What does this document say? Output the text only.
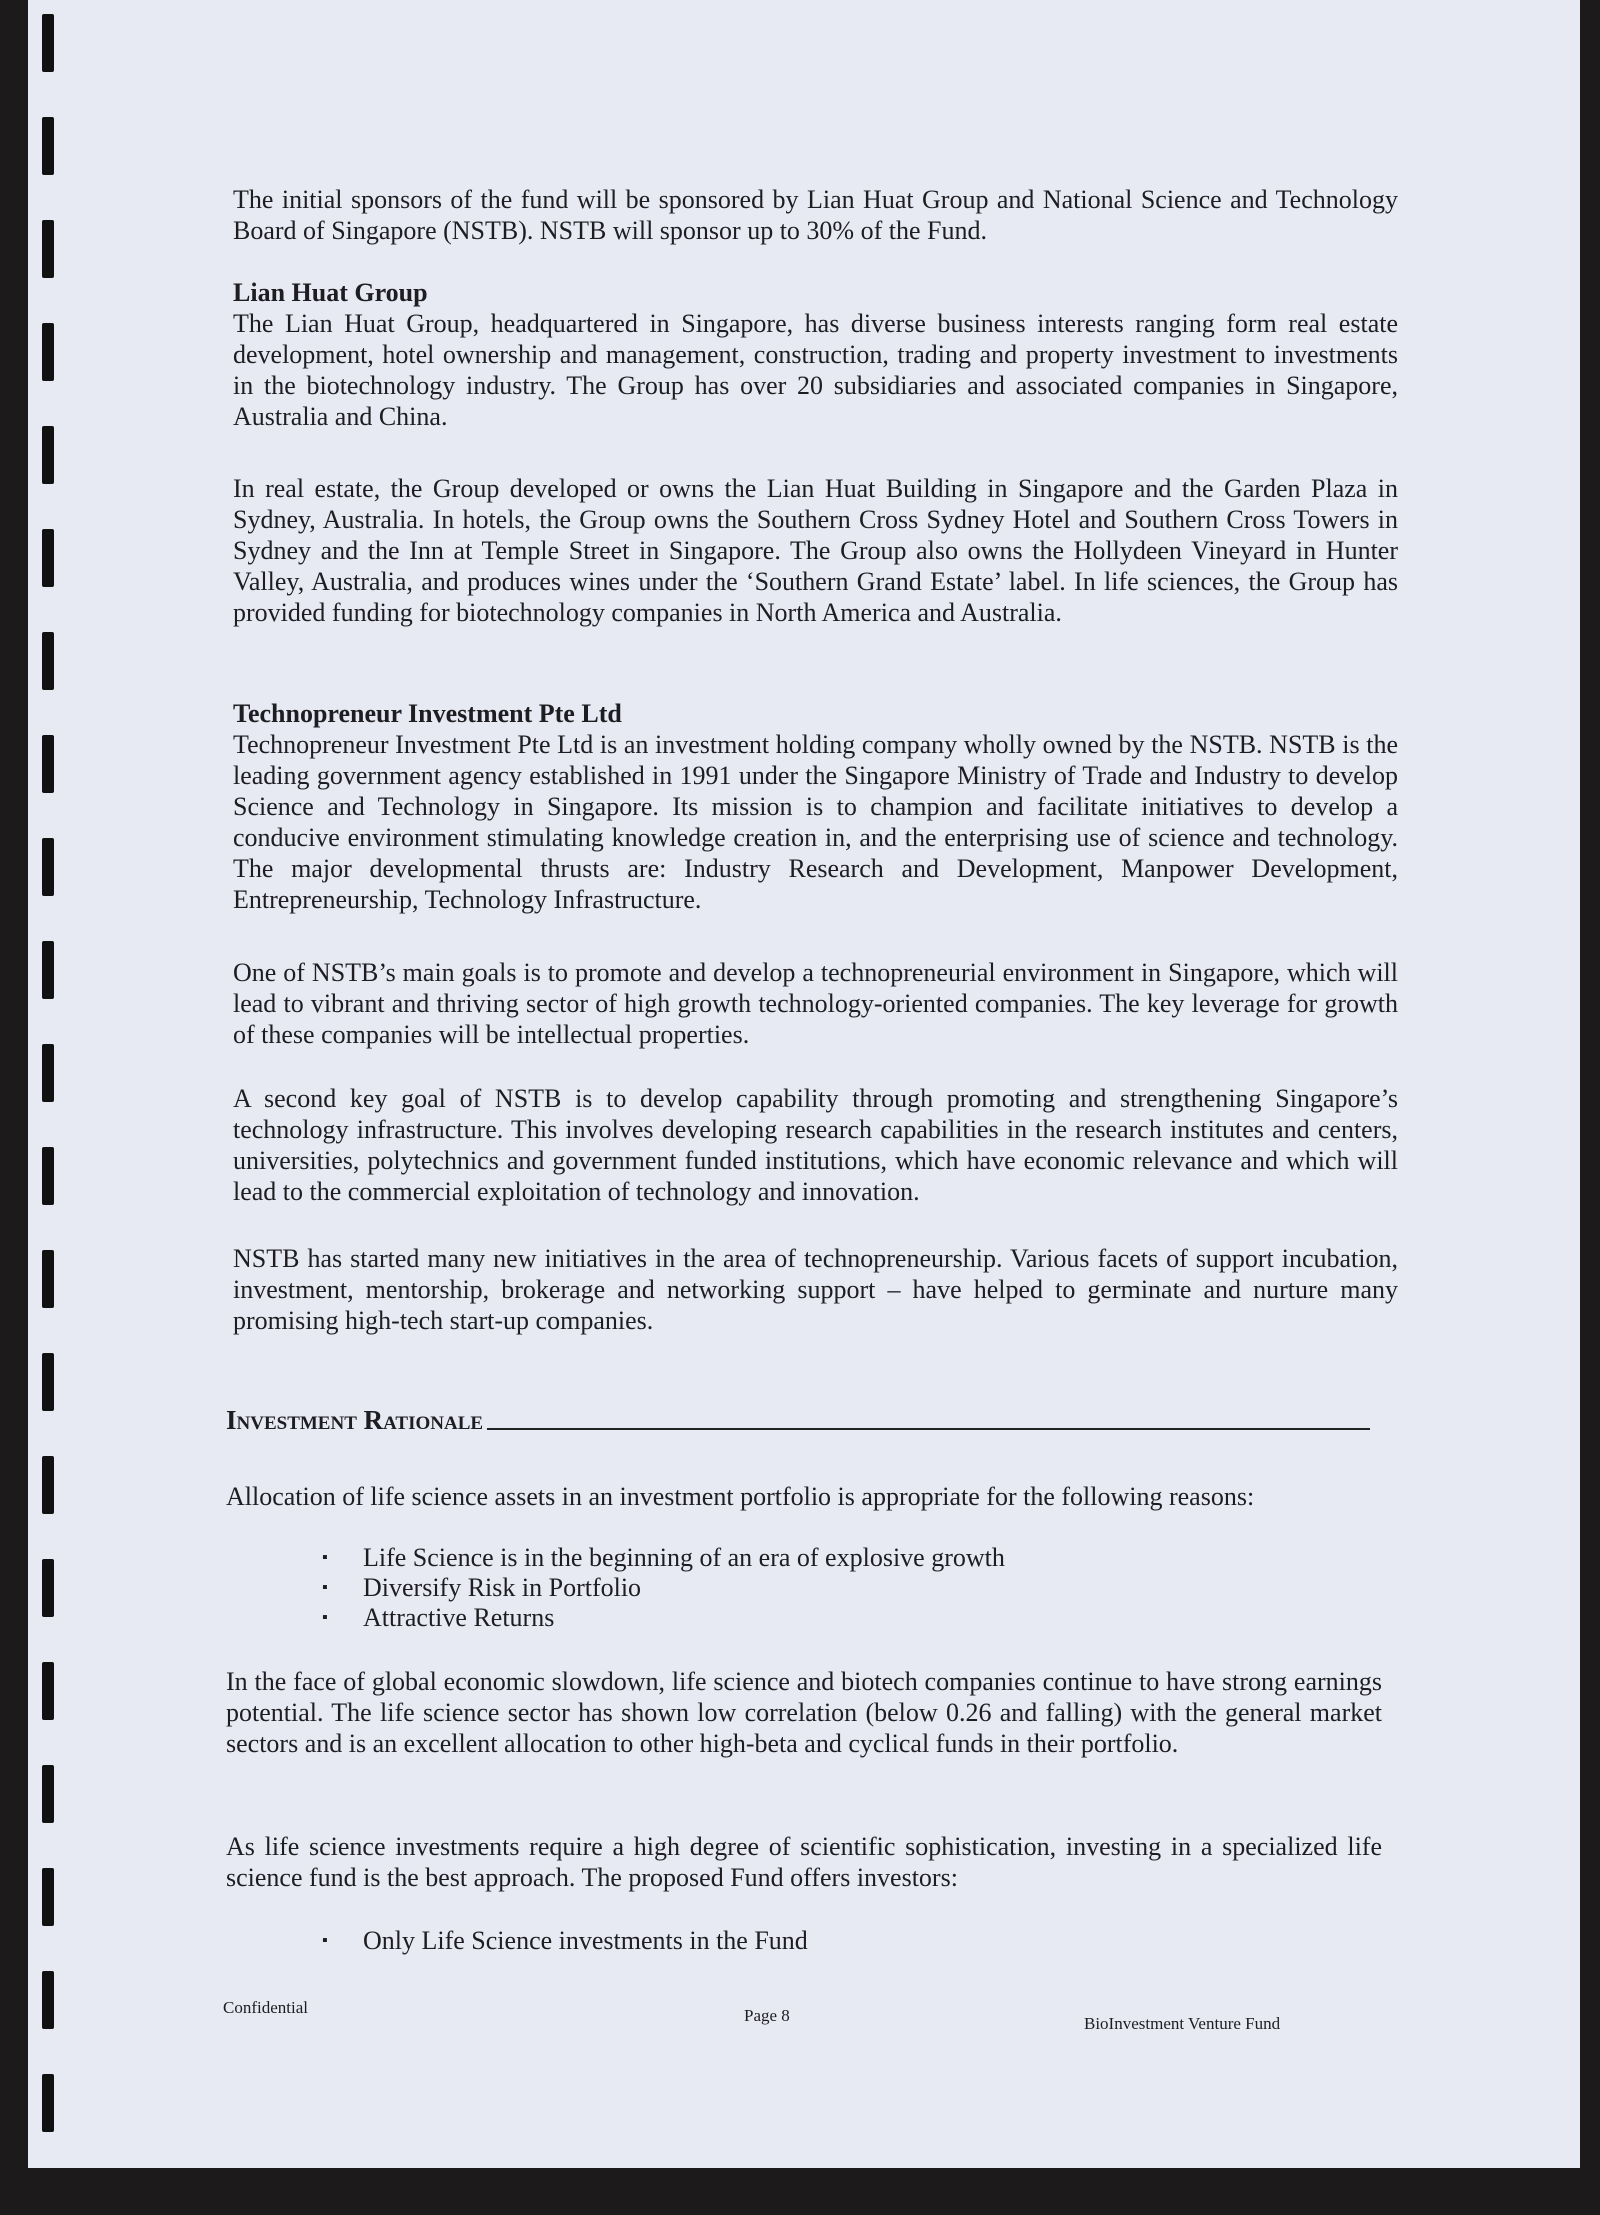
The initial sponsors of the fund will be sponsored by Lian Huat Group and National Science and Technology Board of Singapore (NSTB). NSTB will sponsor up to 30% of the Fund.

Lian Huat Group

The Lian Huat Group, headquartered in Singapore, has diverse business interests ranging form real estate development, hotel ownership and management, construction, trading and property investment to investments in the biotechnology industry. The Group has over 20 subsidiaries and associated companies in Singapore, Australia and China.

In real estate, the Group developed or owns the Lian Huat Building in Singapore and the Garden Plaza in Sydney, Australia. In hotels, the Group owns the Southern Cross Sydney Hotel and Southern Cross Towers in Sydney and the Inn at Temple Street in Singapore. The Group also owns the Hollydeen Vineyard in Hunter Valley, Australia, and produces wines under the ‘Southern Grand Estate’ label. In life sciences, the Group has provided funding for biotechnology companies in North America and Australia.

Technopreneur Investment Pte Ltd

Technopreneur Investment Pte Ltd is an investment holding company wholly owned by the NSTB. NSTB is the leading government agency established in 1991 under the Singapore Ministry of Trade and Industry to develop Science and Technology in Singapore. Its mission is to champion and facilitate initiatives to develop a conducive environment stimulating knowledge creation in, and the enterprising use of science and technology. The major developmental thrusts are: Industry Research and Development, Manpower Development, Entrepreneurship, Technology Infrastructure.

One of NSTB’s main goals is to promote and develop a technopreneurial environment in Singapore, which will lead to vibrant and thriving sector of high growth technology-oriented companies. The key leverage for growth of these companies will be intellectual properties.

A second key goal of NSTB is to develop capability through promoting and strengthening Singapore’s technology infrastructure. This involves developing research capabilities in the research institutes and centers, universities, polytechnics and government funded institutions, which have economic relevance and which will lead to the commercial exploitation of technology and innovation.

NSTB has started many new initiatives in the area of technopreneurship. Various facets of support incubation, investment, mentorship, brokerage and networking support – have helped to germinate and nurture many promising high-tech start-up companies.

Investment Rationale

Allocation of life science assets in an investment portfolio is appropriate for the following reasons:

▪	Life Science is in the beginning of an era of explosive growth
▪	Diversify Risk in Portfolio
▪	Attractive Returns

In the face of global economic slowdown, life science and biotech companies continue to have strong earnings potential. The life science sector has shown low correlation (below 0.26 and falling) with the general market sectors and is an excellent allocation to other high-beta and cyclical funds in their portfolio.

As life science investments require a high degree of scientific sophistication, investing in a specialized life science fund is the best approach. The proposed Fund offers investors:

▪	Only Life Science investments in the Fund
Confidential	Page 8	BioInvestment Venture Fund
